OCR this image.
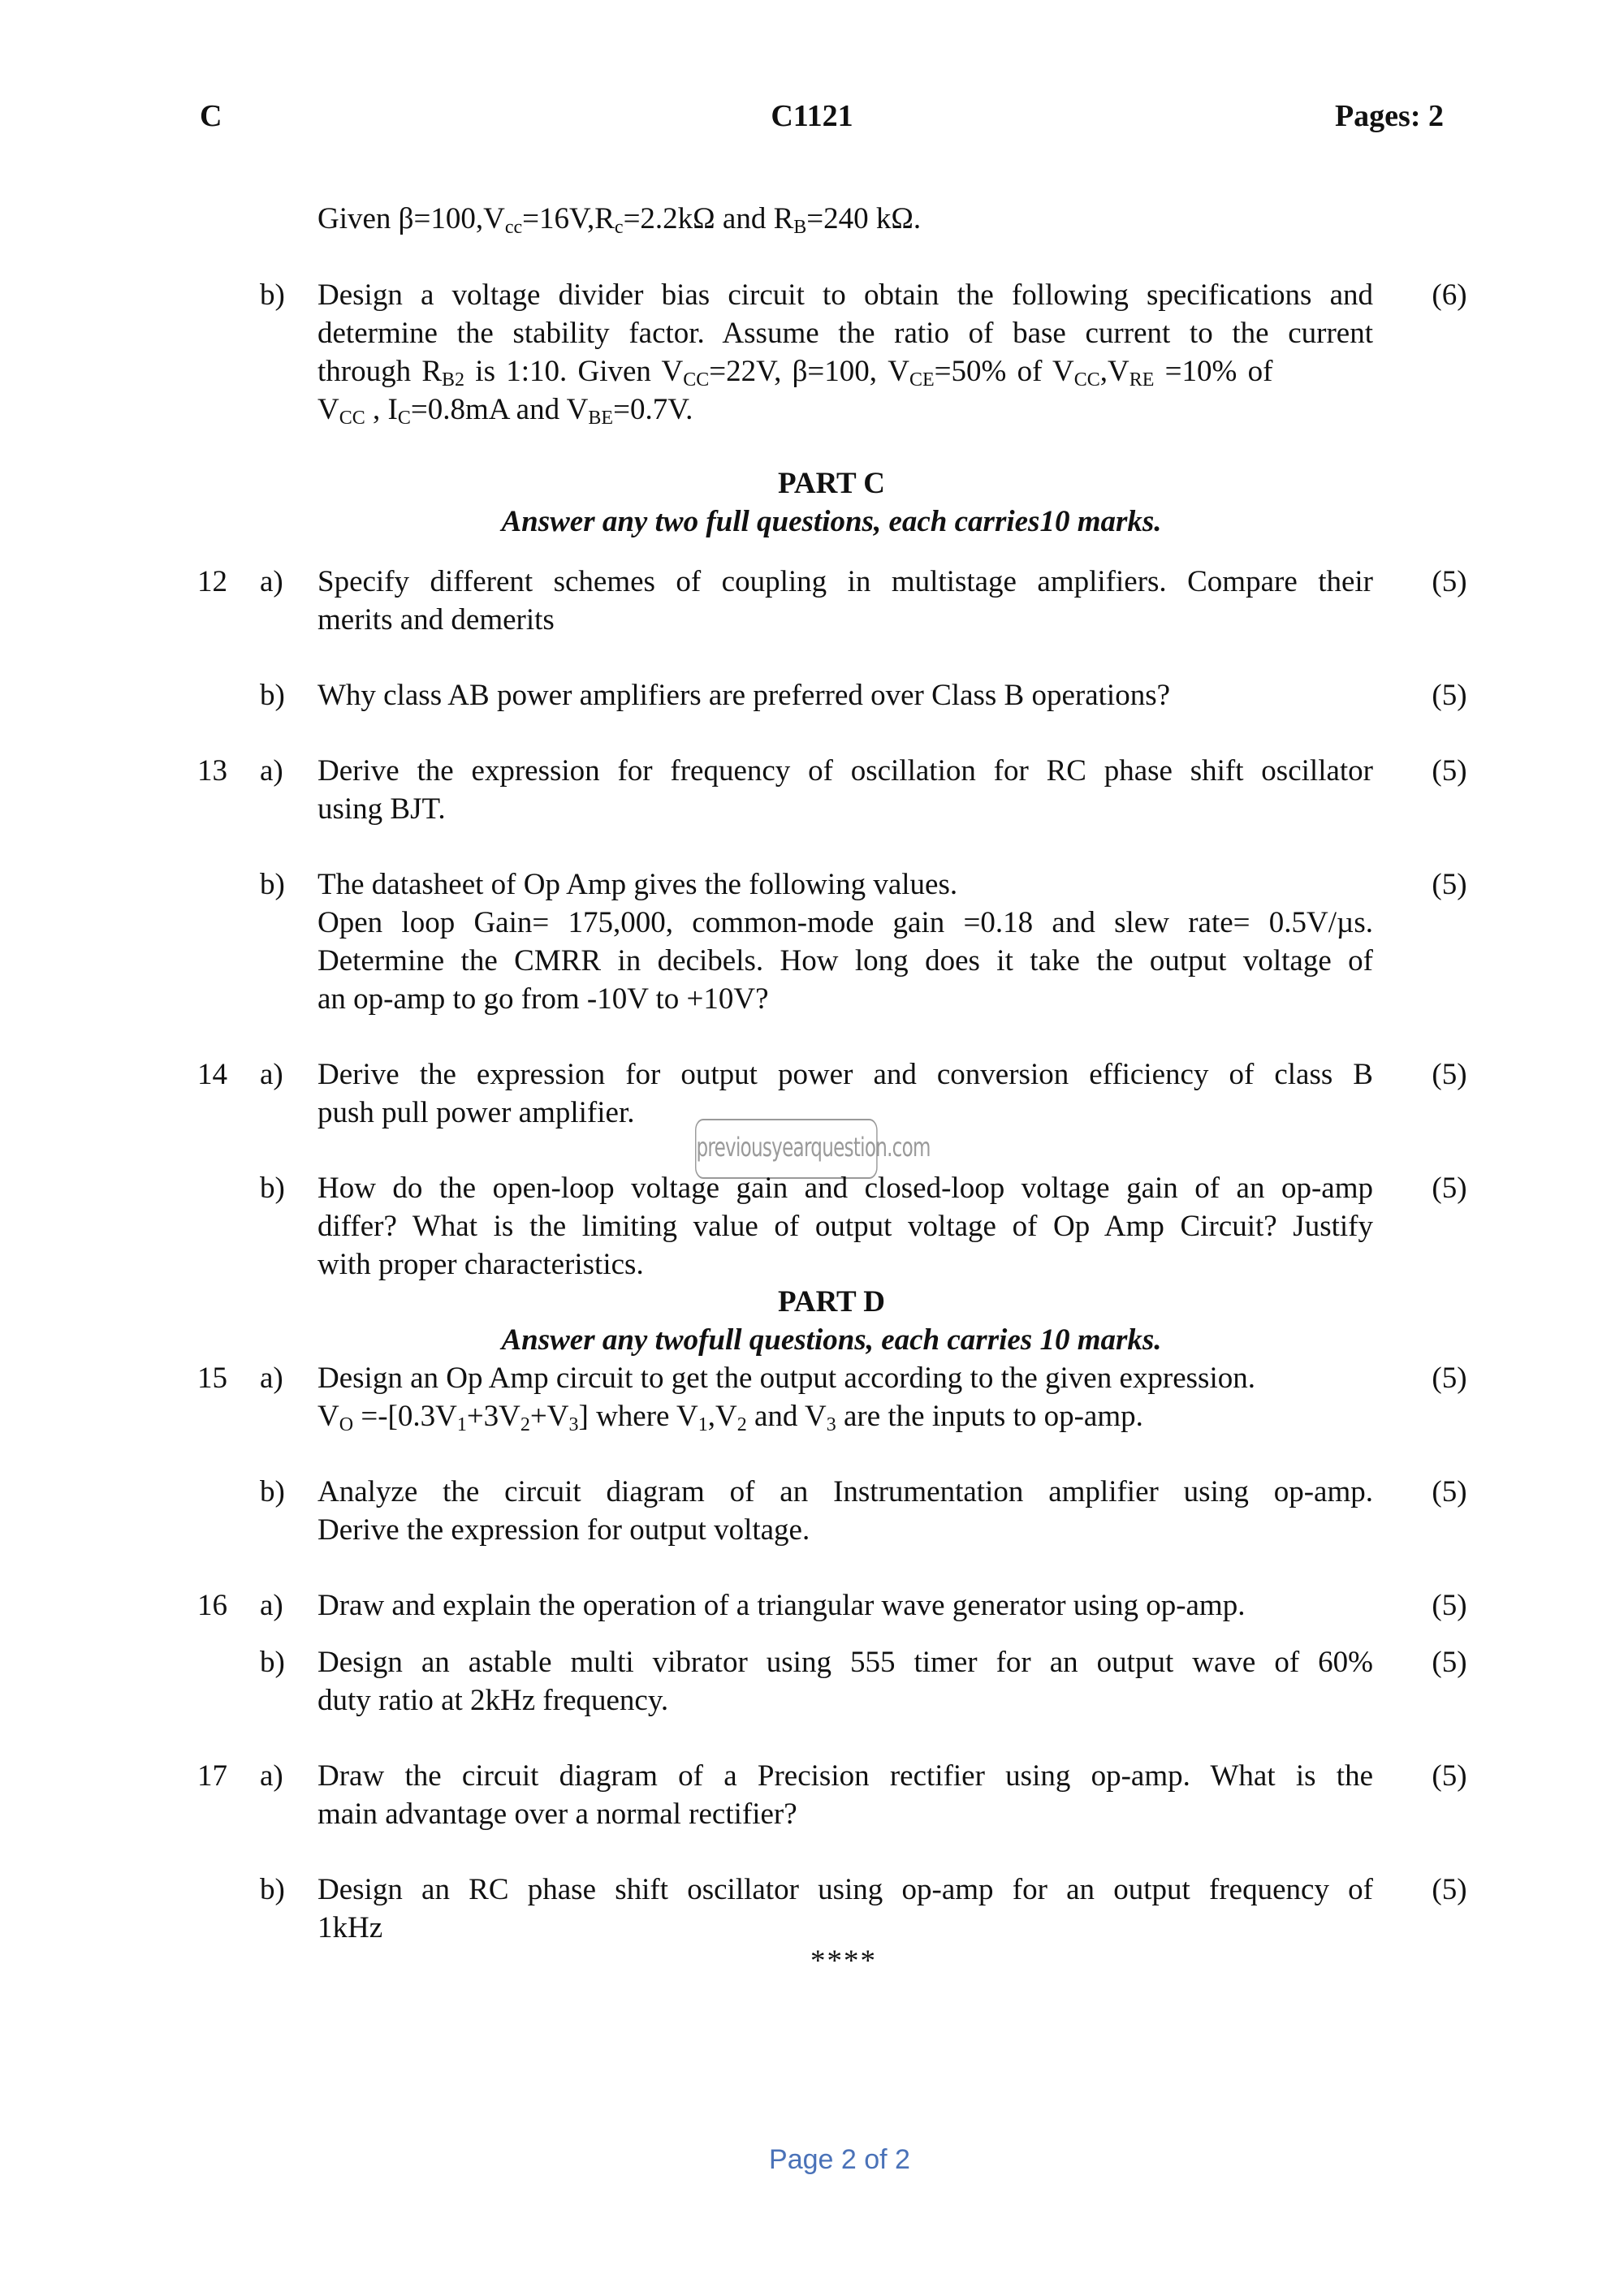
C	C1121	Pages: 2
Given β=100,Vcc=16V,Rc=2.2kΩ and RB=240 kΩ.
b)	(6)
Design a voltage divider bias circuit to obtain the following specifications and
determine the stability factor. Assume the ratio of base current to the current
through RB2 is 1:10. Given VCC=22V, β=100, VCE=50% of VCC,VRE =10% of
VCC , IC=0.8mA and VBE=0.7V.
PART C
Answer any two full questions, each carries10 marks.
12	a)	(5)
Specify different schemes of coupling in multistage amplifiers. Compare their
merits and demerits
b)	(5)
Why class AB power amplifiers are preferred over Class B operations?
13	a)	(5)
Derive the expression for frequency of oscillation for RC phase shift oscillator
using BJT.
b)	(5)
The datasheet of Op Amp gives the following values.
Open loop Gain= 175,000, common-mode gain =0.18 and slew rate= 0.5V/µs.
Determine the CMRR in decibels. How long does it take the output voltage of
an op-amp to go from -10V to +10V?
14	a)	(5)
Derive the expression for output power and conversion efficiency of class B
push pull power amplifier.
previousyearquestion.com
b)	(5)
How do the open-loop voltage gain and closed-loop voltage gain of an op-amp
differ? What is the limiting value of output voltage of Op Amp Circuit? Justify
with proper characteristics.
PART D
Answer any twofull questions, each carries 10 marks.
15	a)	(5)
Design an Op Amp circuit to get the output according to the given expression.
VO =-[0.3V1+3V2+V3] where V1,V2 and V3 are the inputs to op-amp.
b)	(5)
Analyze the circuit diagram of an Instrumentation amplifier using op-amp.
Derive the expression for output voltage.
16	a)	(5)
Draw and explain the operation of a triangular wave generator using op-amp.
b)	(5)
Design an astable multi vibrator using 555 timer for an output wave of 60%
duty ratio at 2kHz frequency.
17	a)	(5)
Draw the circuit diagram of a Precision rectifier using op-amp. What is the
main advantage over a normal rectifier?
b)	(5)
Design an RC phase shift oscillator using op-amp for an output frequency of
1kHz
****
Page 2 of 2
